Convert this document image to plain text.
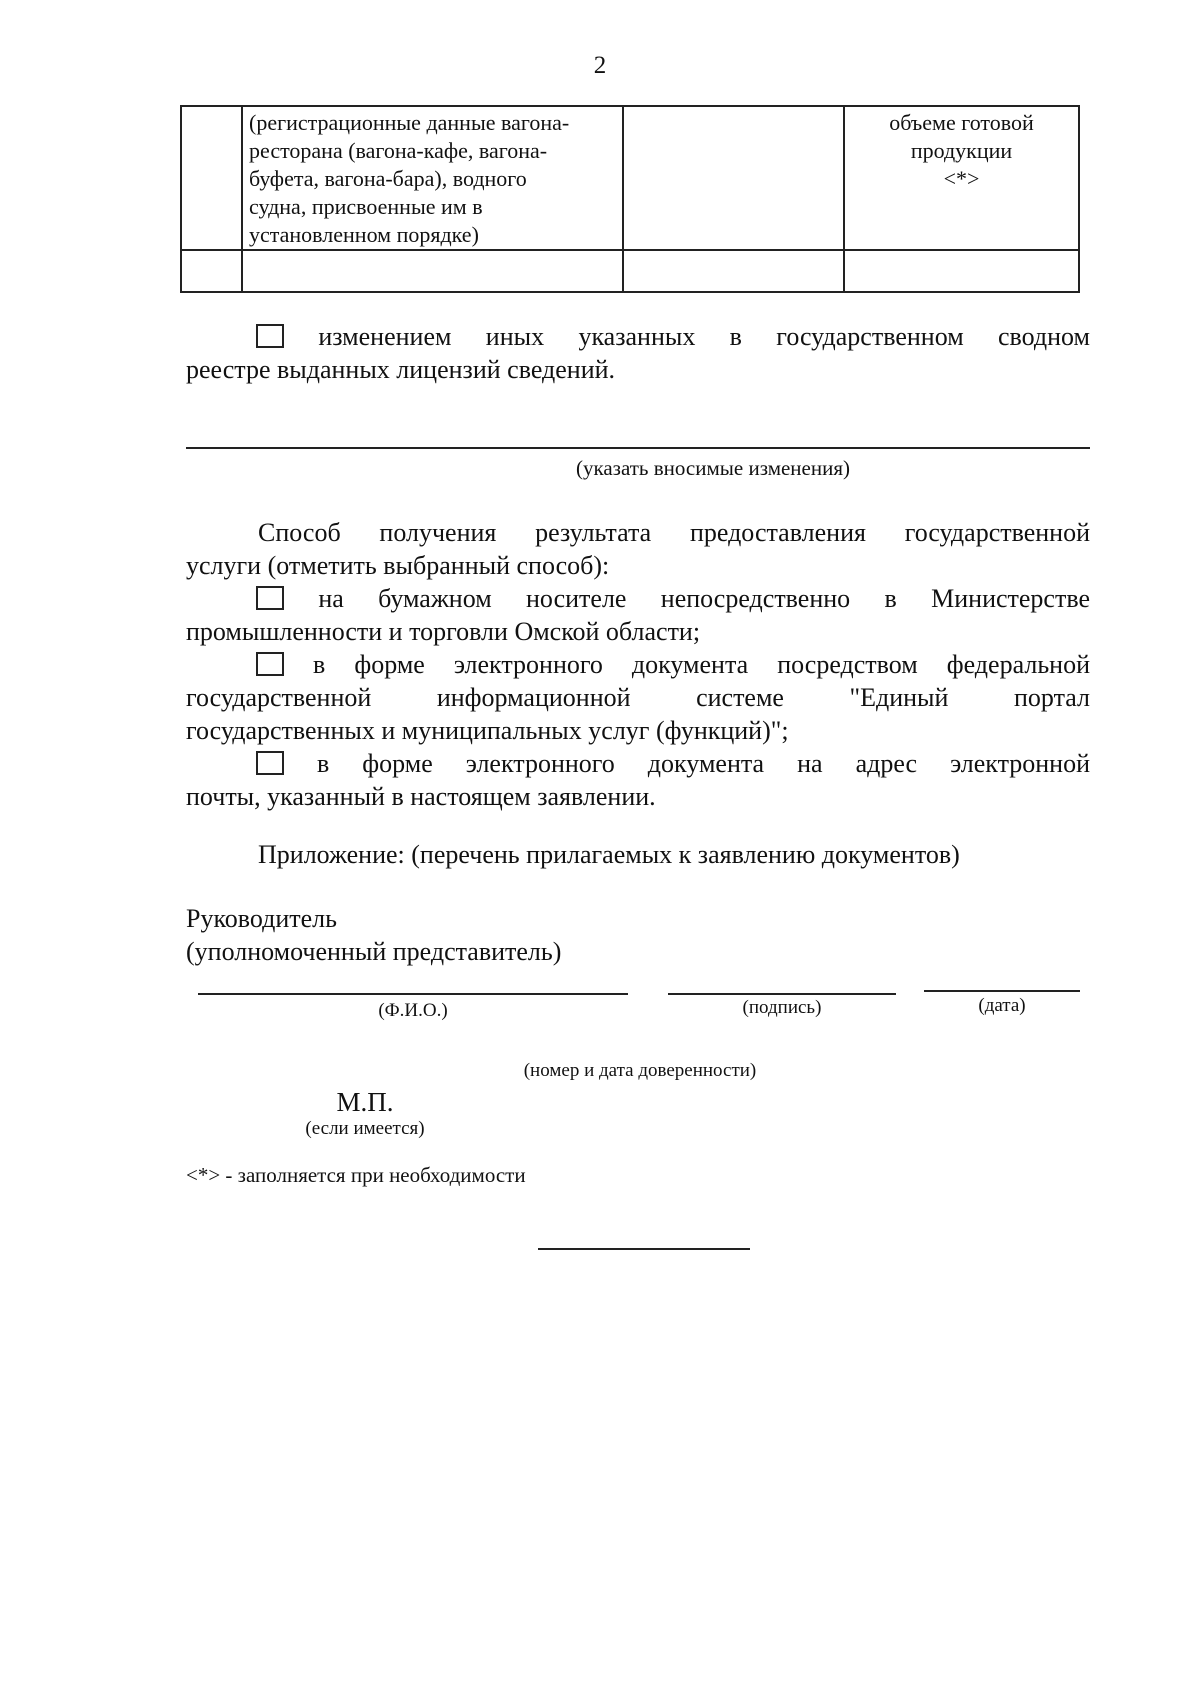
2

	(регистрационные данные вагона-
ресторана (вагона-кафе, вагона-
буфета, вагона-бара), водного
судна, присвоенные им в
установленном порядке)		объеме готовой
продукции
<*>

изменением иных указанных в государственном сводном
реестре выданных лицензий сведений.
(указать вносимые изменения)
Способ получения результата предоставления государственной
услуги (отметить выбранный способ):
на бумажном носителе непосредственно в Министерстве
промышленности и торговли Омской области;
в форме электронного документа посредством федеральной
государственной информационной системе "Единый портал
государственных и муниципальных услуг (функций)";
в форме электронного документа на адрес электронной
почты, указанный в настоящем заявлении.
Приложение: (перечень прилагаемых к заявлению документов)
Руководитель
(уполномоченный представитель)
(Ф.И.О.)	(подпись)	(дата)
(номер и дата доверенности)
М.П.
(если имеется)
<*> - заполняется при необходимости
